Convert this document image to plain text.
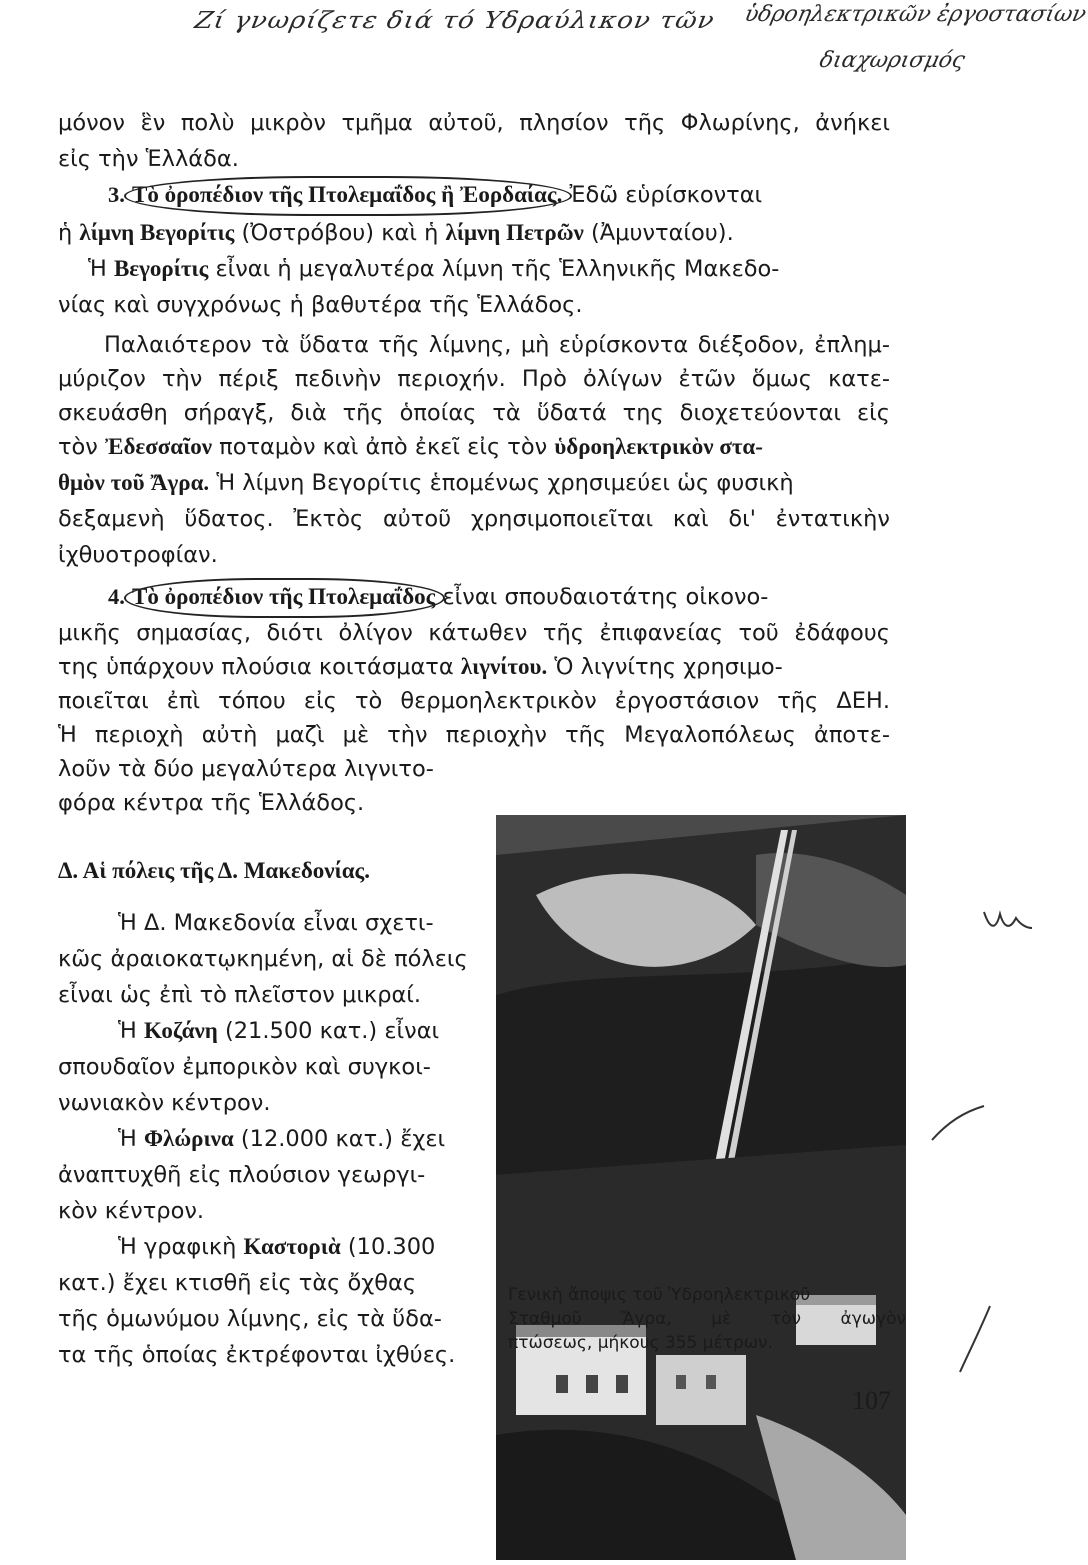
Ζί γνωρίζετε διά τό Υδραύλικον τῶν ὑδροηλεκτρικῶν ἐργοστασίων
διαχωρισμός
μόνον ἓν πολὺ μικρὸν τμῆμα αὐτοῦ, πλησίον τῆς Φλωρίνης, ἀνήκει
εἰς τὴν Ἑλλάδα.
3. Τὸ ὀροπέδιον τῆς Πτολεμαΐδος ἢ Ἐορδαίας. Ἐδῶ εὑρίσκονται
ἡ λίμνη Βεγορίτις (Ὀστρόβου) καὶ ἡ λίμνη Πετρῶν (Ἀμυνταίου).
Ἡ Βεγορίτις εἶναι ἡ μεγαλυτέρα λίμνη τῆς Ἑλληνικῆς Μακεδο-
νίας καὶ συγχρόνως ἡ βαθυτέρα τῆς Ἑλλάδος.
Παλαιότερον τὰ ὕδατα τῆς λίμνης, μὴ εὑρίσκοντα διέξοδον, ἐπλημ-
μύριζον τὴν πέριξ πεδινὴν περιοχήν. Πρὸ ὀλίγων ἐτῶν ὅμως κατε-
σκευάσθη σήραγξ, διὰ τῆς ὁποίας τὰ ὕδατά της διοχετεύονται εἰς
τὸν Ἐδεσσαῖον ποταμὸν καὶ ἀπὸ ἐκεῖ εἰς τὸν ὑδροηλεκτρικὸν στα-
θμὸν τοῦ Ἄγρα. Ἡ λίμνη Βεγορίτις ἑπομένως χρησιμεύει ὡς φυσικὴ
δεξαμενὴ ὕδατος. Ἐκτὸς αὐτοῦ χρησιμοποιεῖται καὶ δι' ἐντατικὴν
ἰχθυοτροφίαν.
4. Τὸ ὀροπέδιον τῆς Πτολεμαΐδος εἶναι σπουδαιοτάτης οἰκονο-
μικῆς σημασίας, διότι ὀλίγον κάτωθεν τῆς ἐπιφανείας τοῦ ἐδάφους
της ὑπάρχουν πλούσια κοιτάσματα λιγνίτου. Ὁ λιγνίτης χρησιμο-
ποιεῖται ἐπὶ τόπου εἰς τὸ θερμοηλεκτρικὸν ἐργοστάσιον τῆς ΔΕΗ.
Ἡ περιοχὴ αὐτὴ μαζὶ μὲ τὴν περιοχὴν τῆς Μεγαλοπόλεως ἀποτε-
λοῦν τὰ δύο μεγαλύτερα λιγνιτο-
φόρα κέντρα τῆς Ἑλλάδος.
Δ. Αἱ πόλεις τῆς Δ. Μακεδονίας.
Ἡ Δ. Μακεδονία εἶναι σχετι-
κῶς ἀραιοκατῳκημένη, αἱ δὲ πόλεις
εἶναι ὡς ἐπὶ τὸ πλεῖστον μικραί.
Ἡ Κοζάνη (21.500 κατ.) εἶναι
σπουδαῖον ἐμπορικὸν καὶ συγκοι-
νωνιακὸν κέντρον.
Ἡ Φλώρινα (12.000 κατ.) ἔχει
ἀναπτυχθῆ εἰς πλούσιον γεωργι-
κὸν κέντρον.
Ἡ γραφικὴ Καστοριὰ (10.300
κατ.) ἔχει κτισθῆ εἰς τὰς ὄχθας
τῆς ὁμωνύμου λίμνης, εἰς τὰ ὕδα-
τα τῆς ὁποίας ἐκτρέφονται ἰχθύες.
Γενικὴ ἄποψις τοῦ Ὑδροηλεκτρικοῦ
Σταθμοῦ Ἄγρα, μὲ τὸν ἀγωγὸν
πτώσεως, μήκους 355 μέτρων.
107
